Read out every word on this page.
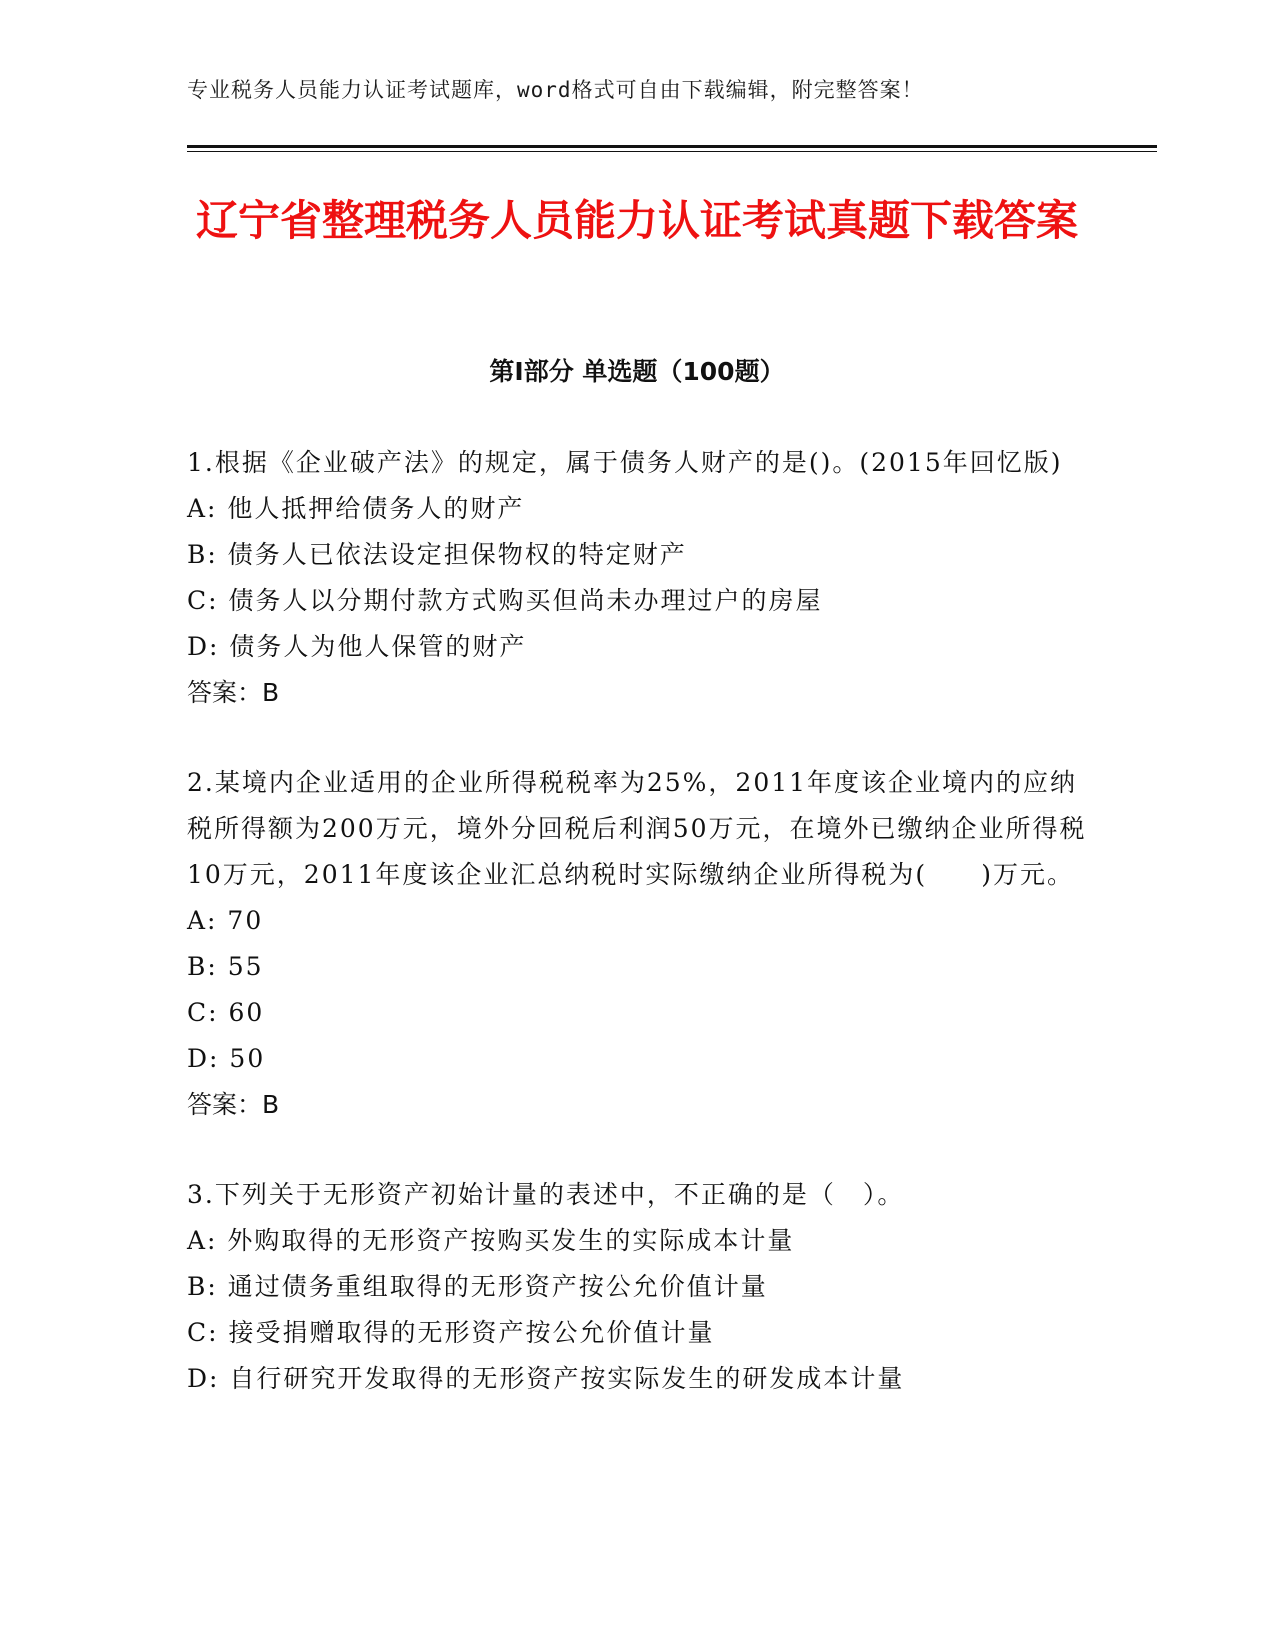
专业税务人员能力认证考试题库，word格式可自由下载编辑，附完整答案！
辽宁省整理税务人员能力认证考试真题下载答案
第Ⅰ部分 单选题（100题）

1.根据《企业破产法》的规定，属于债务人财产的是()。(2015年回忆版)

A: 他人抵押给债务人的财产

B: 债务人已依法设定担保物权的特定财产

C: 债务人以分期付款方式购买但尚未办理过户的房屋

D: 债务人为他人保管的财产

答案：B

2.某境内企业适用的企业所得税税率为25%，2011年度该企业境内的应纳税所得额为200万元，境外分回税后利润50万元，在境外已缴纳企业所得税10万元，2011年度该企业汇总纳税时实际缴纳企业所得税为(　　)万元。

A: 70

B: 55

C: 60

D: 50

答案：B

3.下列关于无形资产初始计量的表述中，不正确的是（　）。

A: 外购取得的无形资产按购买发生的实际成本计量

B: 通过债务重组取得的无形资产按公允价值计量

C: 接受捐赠取得的无形资产按公允价值计量

D: 自行研究开发取得的无形资产按实际发生的研发成本计量
